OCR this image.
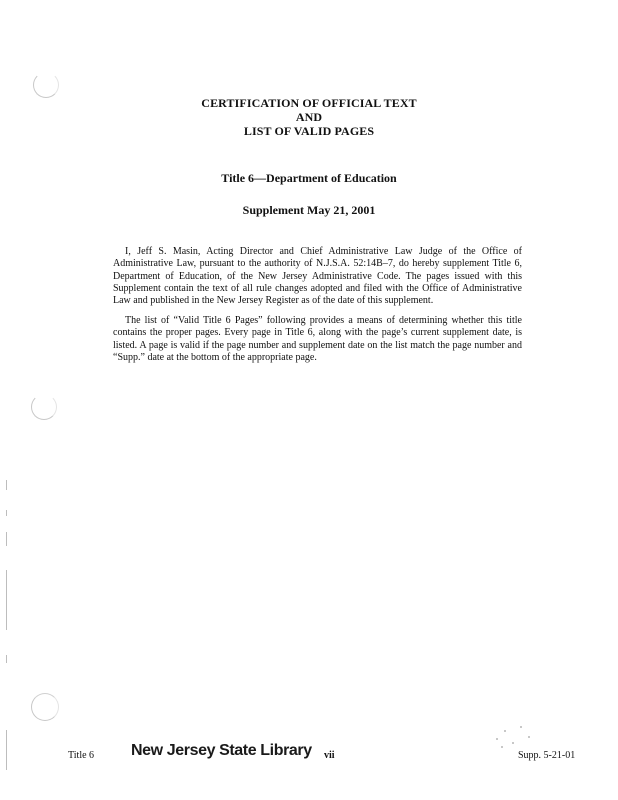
CERTIFICATION OF OFFICIAL TEXT
AND
LIST OF VALID PAGES
Title 6—Department of Education
Supplement May 21, 2001

I, Jeff S. Masin, Acting Director and Chief Administrative Law Judge of the Office of Administrative Law, pursuant to the authority of N.J.S.A. 52:14B–7, do hereby supplement Title 6, Department of Education, of the New Jersey Administrative Code. The pages issued with this Supplement contain the text of all rule changes adopted and filed with the Office of Administrative Law and published in the New Jersey Register as of the date of this supplement.

The list of “Valid Title 6 Pages” following provides a means of determining whether this title contains the proper pages. Every page in Title 6, along with the page’s current supplement date, is listed. A page is valid if the page number and supplement date on the list match the page number and “Supp.” date at the bottom of the appropriate page.

Title 6 New Jersey State Library vii	Supp. 5-21-01
